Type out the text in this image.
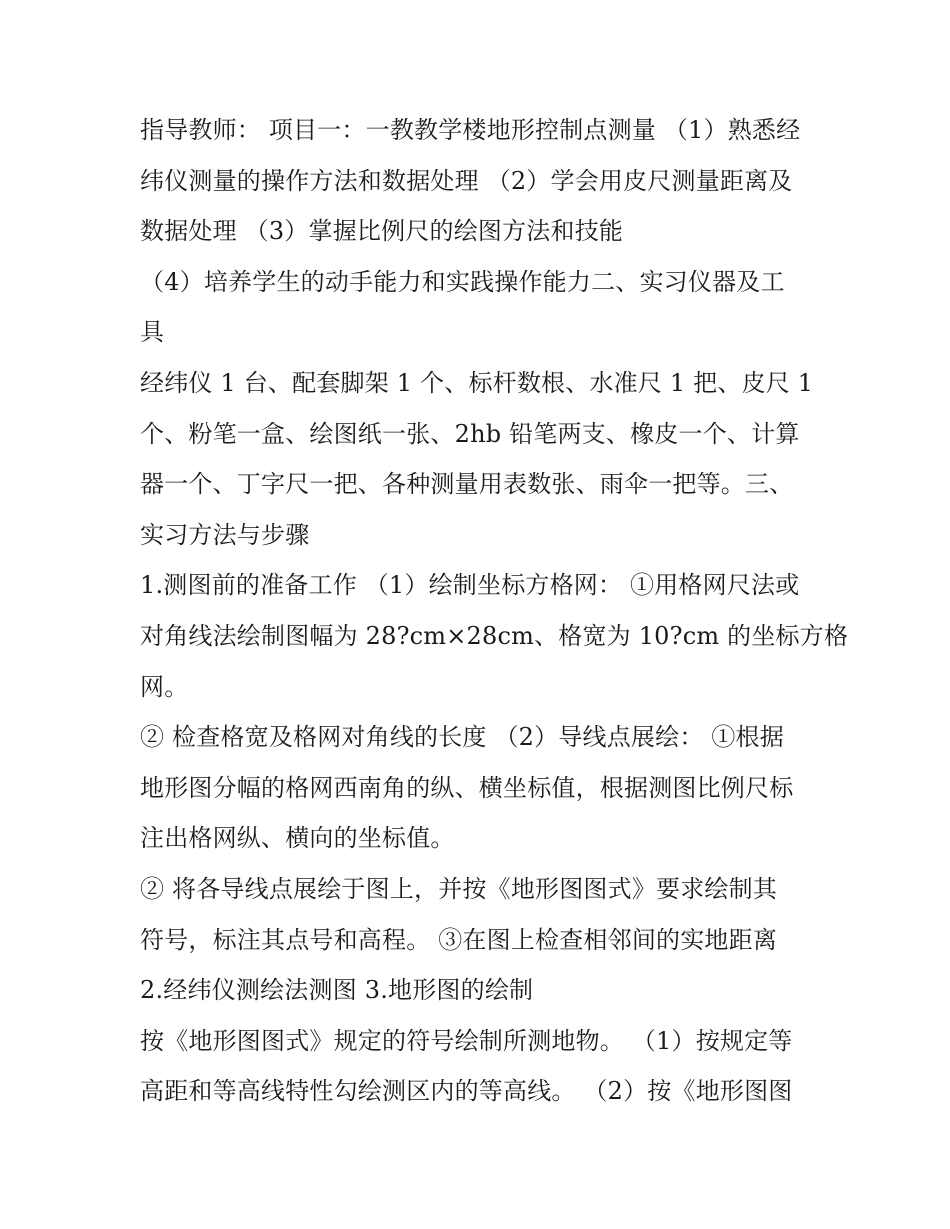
指导教师： 项目一：一教教学楼地形控制点测量 （1）熟悉经
纬仪测量的操作方法和数据处理 （2）学会用皮尺测量距离及
数据处理 （3）掌握比例尺的绘图方法和技能
（4）培养学生的动手能力和实践操作能力二、实习仪器及工
具
经纬仪 1 台、配套脚架 1 个、标杆数根、水准尺 1 把、皮尺 1
个、粉笔一盒、绘图纸一张、2hb 铅笔两支、橡皮一个、计算
器一个、丁字尺一把、各种测量用表数张、雨伞一把等。三、
实习方法与步骤
1.测图前的准备工作 （1）绘制坐标方格网： ①用格网尺法或
对角线法绘制图幅为 28?cm×28cm、格宽为 10?cm 的坐标方格
网。
② 检查格宽及格网对角线的长度 （2）导线点展绘： ①根据
地形图分幅的格网西南角的纵、横坐标值，根据测图比例尺标
注出格网纵、横向的坐标值。
② 将各导线点展绘于图上，并按《地形图图式》要求绘制其
符号，标注其点号和高程。 ③在图上检查相邻间的实地距离
2.经纬仪测绘法测图 3.地形图的绘制
按《地形图图式》规定的符号绘制所测地物。 （1）按规定等
高距和等高线特性勾绘测区内的等高线。 （2）按《地形图图
